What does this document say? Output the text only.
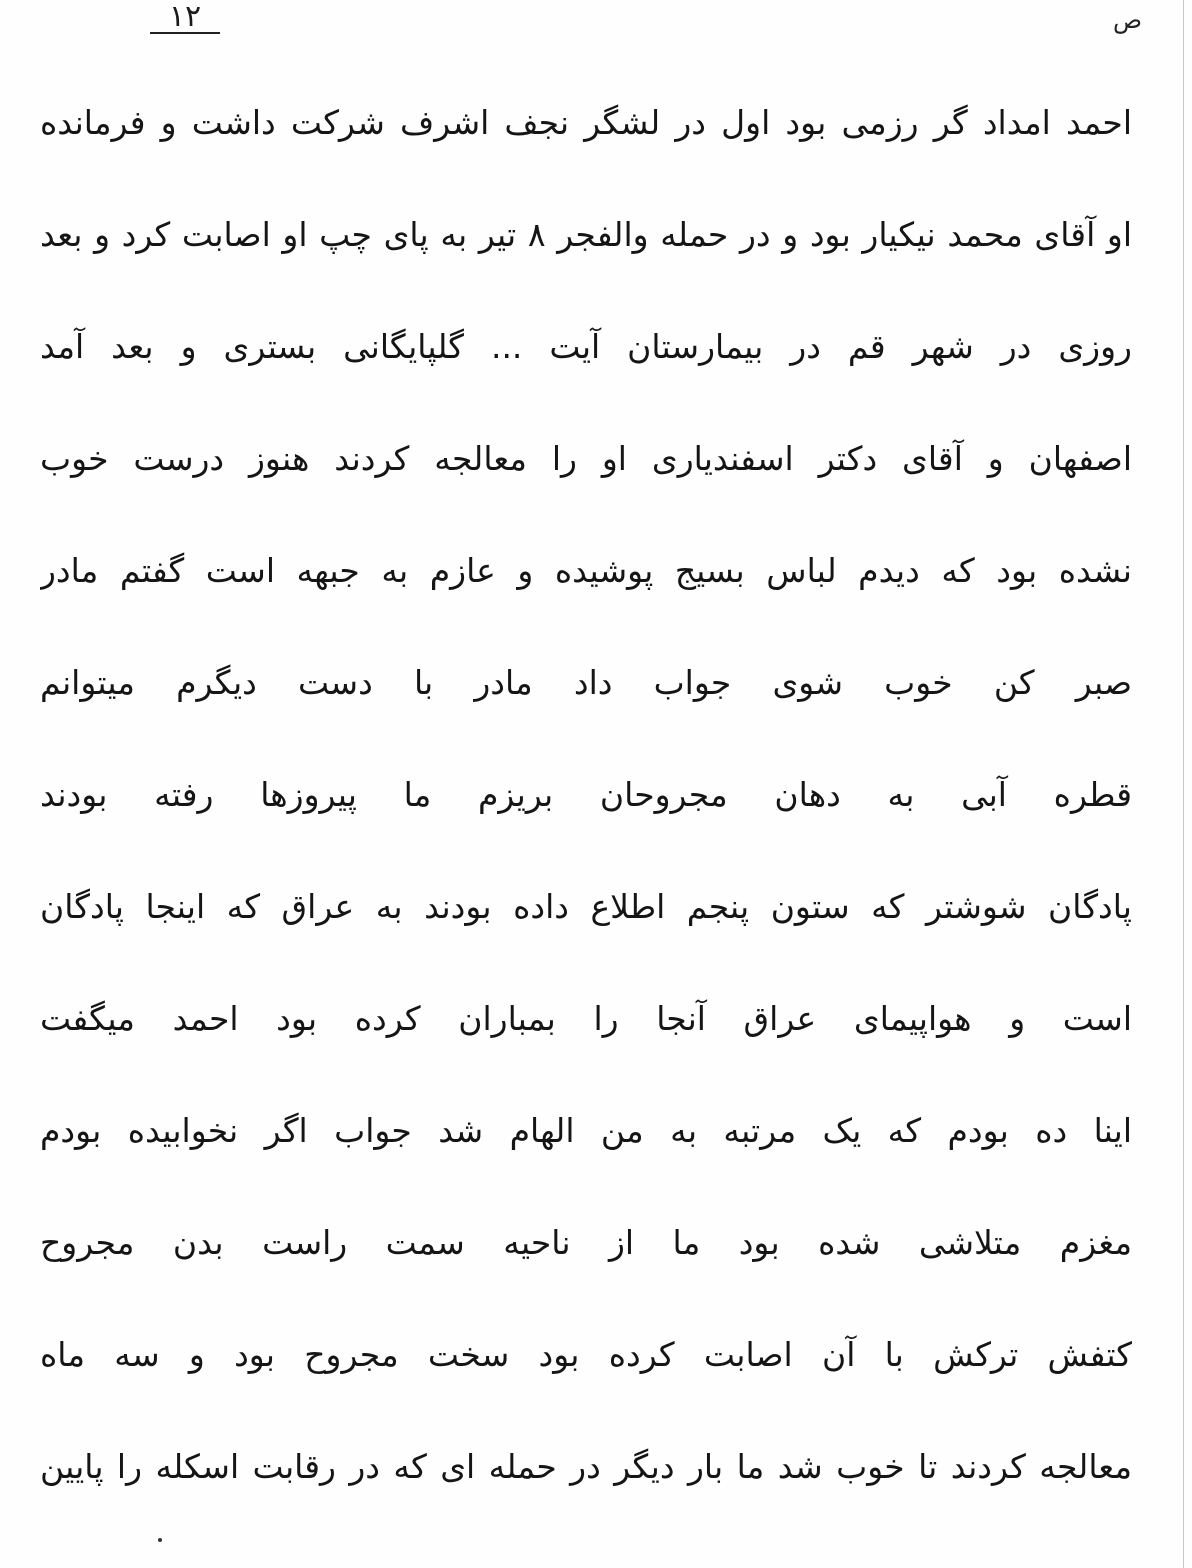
۱۲	ص
احمد امداد گر رزمی بود اول در لشگر نجف اشرف شرکت داشت و فرمانده
او آقای محمد نیکیار بود و در حمله والفجر ۸ تیر به پای چپ او اصابت کرد و بعد
روزی در شهر قم در بیمارستان آیت ... گلپایگانی بستری و بعد آمد
اصفهان و آقای دکتر اسفندیاری او را معالجه کردند هنوز درست خوب
نشده بود که دیدم لباس بسیج پوشیده و عازم به جبهه است گفتم مادر
صبر کن خوب شوی جواب داد مادر با دست دیگرم میتوانم
قطره آبی به دهان مجروحان بریزم ما پیروزها رفته بودند
پادگان شوشتر که ستون پنجم اطلاع داده بودند به عراق که اینجا پادگان
است و هواپیمای عراق آنجا را بمباران کرده بود احمد میگفت
اینا ده بودم که یک مرتبه به من الهام شد جواب اگر نخوابیده بودم
مغزم متلاشی شده بود ما از ناحیه سمت راست بدن مجروح
کتفش ترکش با آن اصابت کرده بود سخت مجروح بود و سه ماه
معالجه کردند تا خوب شد ما بار دیگر در حمله ای که در رقابت اسکله را پایین
